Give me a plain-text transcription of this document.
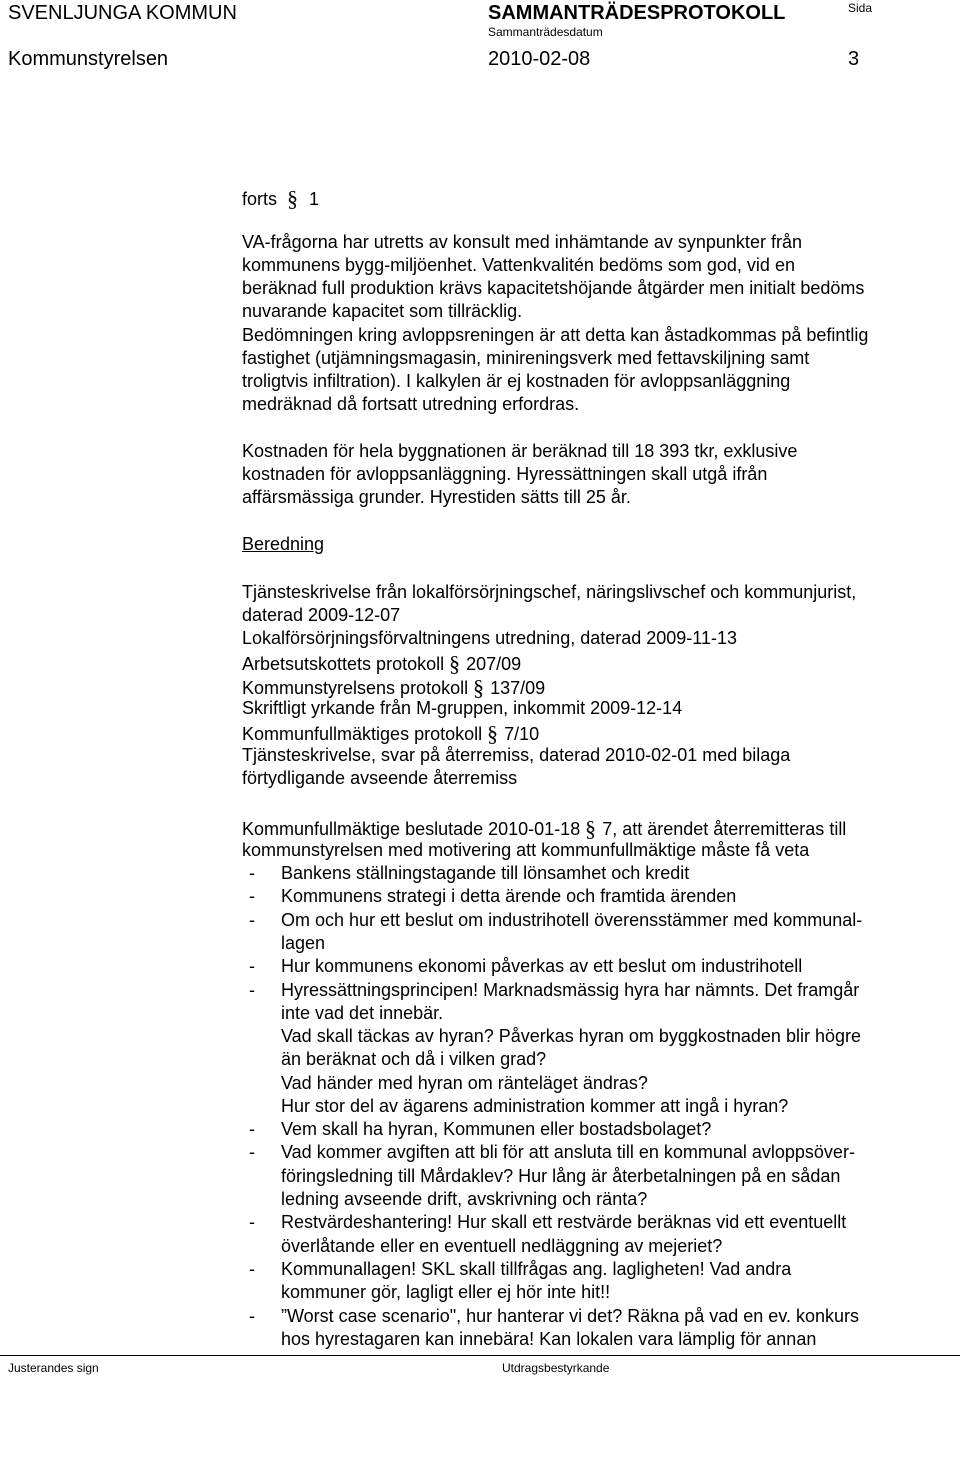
SVENLJUNGA KOMMUN	SAMMANTRÄDESPROTOKOLL
Sammanträdesdatum
Sida
Kommunstyrelsen	2010-02-08	3
forts § 1
VA-frågorna har utretts av konsult med inhämtande av synpunkter från
kommunens bygg-miljöenhet. Vattenkvalitén bedöms som god, vid en
beräknad full produktion krävs kapacitetshöjande åtgärder men initialt bedöms
nuvarande kapacitet som tillräcklig.
Bedömningen kring avloppsreningen är att detta kan åstadkommas på befintlig
fastighet (utjämningsmagasin, minireningsverk med fettavskiljning samt
troligtvis infiltration). I kalkylen är ej kostnaden för avloppsanläggning
medräknad då fortsatt utredning erfordras.
Kostnaden för hela byggnationen är beräknad till 18 393 tkr, exklusive
kostnaden för avloppsanläggning. Hyressättningen skall utgå ifrån
affärsmässiga grunder. Hyrestiden sätts till 25 år.
Beredning
Tjänsteskrivelse från lokalförsörjningschef, näringslivschef och kommunjurist,
daterad 2009-12-07
Lokalförsörjningsförvaltningens utredning, daterad 2009-11-13
Arbetsutskottets protokoll § 207/09
Kommunstyrelsens protokoll § 137/09
Skriftligt yrkande från M-gruppen, inkommit 2009-12-14
Kommunfullmäktiges protokoll § 7/10
Tjänsteskrivelse, svar på återremiss, daterad 2010-02-01 med bilaga
förtydligande avseende återremiss
Kommunfullmäktige beslutade 2010-01-18 § 7, att ärendet återremitteras till
kommunstyrelsen med motivering att kommunfullmäktige måste få veta
- Bankens ställningstagande till lönsamhet och kredit
- Kommunens strategi i detta ärende och framtida ärenden
- Om och hur ett beslut om industrihotell överensstämmer med kommunal-
lagen
- Hur kommunens ekonomi påverkas av ett beslut om industrihotell
- Hyressättningsprincipen! Marknadsmässig hyra har nämnts. Det framgår
inte vad det innebär.
Vad skall täckas av hyran? Påverkas hyran om byggkostnaden blir högre
än beräknat och då i vilken grad?
Vad händer med hyran om ränteläget ändras?
Hur stor del av ägarens administration kommer att ingå i hyran?
- Vem skall ha hyran, Kommunen eller bostadsbolaget?
- Vad kommer avgiften att bli för att ansluta till en kommunal avloppsöver-
föringsledning till Mårdaklev? Hur lång är återbetalningen på en sådan
ledning avseende drift, avskrivning och ränta?
- Restvärdeshantering! Hur skall ett restvärde beräknas vid ett eventuellt
överlåtande eller en eventuell nedläggning av mejeriet?
- Kommunallagen! SKL skall tillfrågas ang. lagligheten! Vad andra
kommuner gör, lagligt eller ej hör inte hit!!
- ”Worst case scenario", hur hanterar vi det? Räkna på vad en ev. konkurs
hos hyrestagaren kan innebära! Kan lokalen vara lämplig för annan
Justerandes sign	Utdragsbestyrkande
